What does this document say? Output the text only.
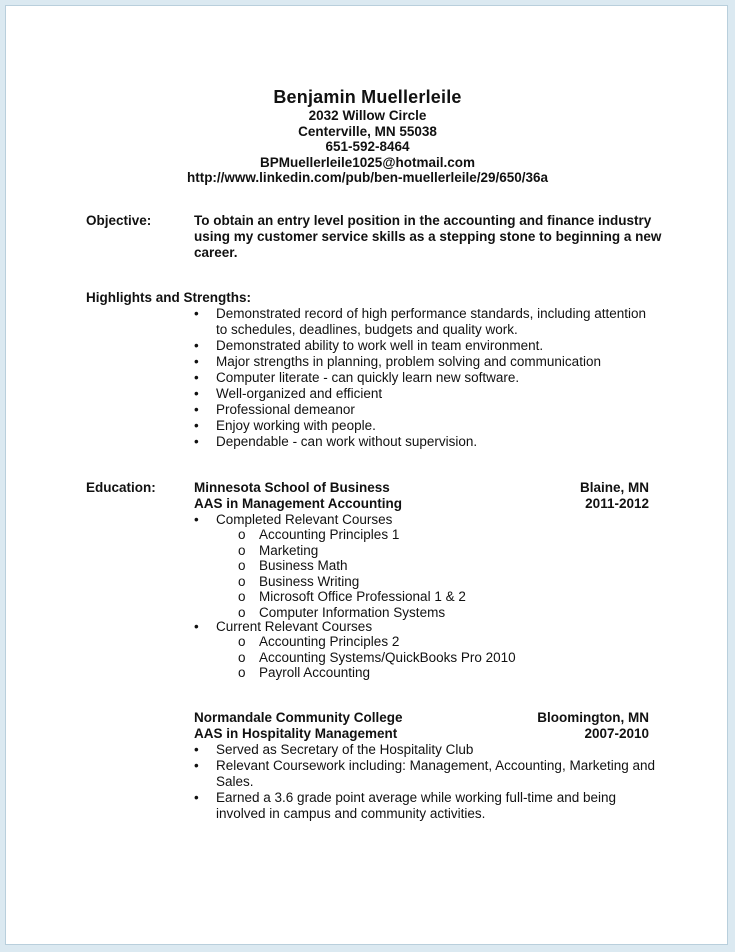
Benjamin Muellerleile
2032 Willow Circle
Centerville, MN 55038
651-592-8464
BPMuellerleile1025@hotmail.com
http://www.linkedin.com/pub/ben-muellerleile/29/650/36a
Objective:	To obtain an entry level position in the accounting and finance industry using my customer service skills as a stepping stone to beginning a new career.
Highlights and Strengths:
• Demonstrated record of high performance standards, including attention to schedules, deadlines, budgets and quality work.
• Demonstrated ability to work well in team environment.
• Major strengths in planning, problem solving and communication
• Computer literate - can quickly learn new software.
• Well-organized and efficient
• Professional demeanor
• Enjoy working with people.
• Dependable - can work without supervision.
Education:	Minnesota School of Business	Blaine, MN
AAS in Management Accounting	2011-2012
• Completed Relevant Courses
o Accounting Principles 1
o Marketing
o Business Math
o Business Writing
o Microsoft Office Professional 1 & 2
o Computer Information Systems
• Current Relevant Courses
o Accounting Principles 2
o Accounting Systems/QuickBooks Pro 2010
o Payroll Accounting
Normandale Community College	Bloomington, MN
AAS in Hospitality Management	2007-2010
• Served as Secretary of the Hospitality Club
• Relevant Coursework including: Management, Accounting, Marketing and Sales.
• Earned a 3.6 grade point average while working full-time and being involved in campus and community activities.
